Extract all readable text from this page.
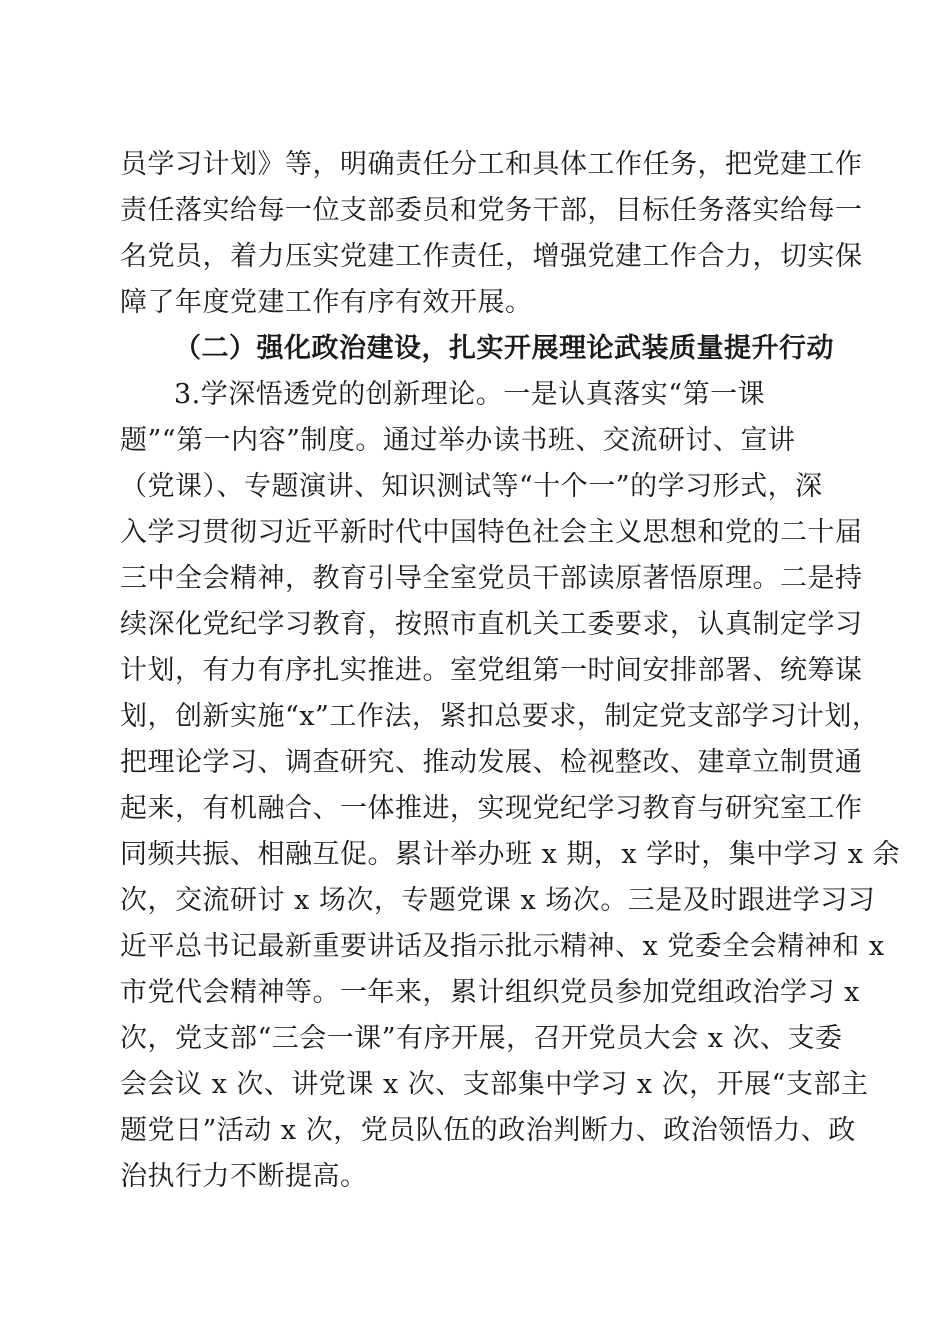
员学习计划》等，明确责任分工和具体工作任务，把党建工作
责任落实给每一位支部委员和党务干部，目标任务落实给每一
名党员，着力压实党建工作责任，增强党建工作合力，切实保
障了年度党建工作有序有效开展。
（二）强化政治建设，扎实开展理论武装质量提升行动
3.学深悟透党的创新理论。一是认真落实“第一课
题”“第一内容”制度。通过举办读书班、交流研讨、宣讲
（党课）、专题演讲、知识测试等“十个一”的学习形式，深
入学习贯彻习近平新时代中国特色社会主义思想和党的二十届
三中全会精神，教育引导全室党员干部读原著悟原理。二是持
续深化党纪学习教育，按照市直机关工委要求，认真制定学习
计划，有力有序扎实推进。室党组第一时间安排部署、统筹谋
划，创新实施“x”工作法，紧扣总要求，制定党支部学习计划，
把理论学习、调查研究、推动发展、检视整改、建章立制贯通
起来，有机融合、一体推进，实现党纪学习教育与研究室工作
同频共振、相融互促。累计举办班 x 期，x 学时，集中学习 x 余
次，交流研讨 x 场次，专题党课 x 场次。三是及时跟进学习习
近平总书记最新重要讲话及指示批示精神、x 党委全会精神和 x
市党代会精神等。一年来，累计组织党员参加党组政治学习 x
次，党支部“三会一课”有序开展，召开党员大会 x 次、支委
会会议 x 次、讲党课 x 次、支部集中学习 x 次，开展“支部主
题党日”活动 x 次，党员队伍的政治判断力、政治领悟力、政
治执行力不断提高。
